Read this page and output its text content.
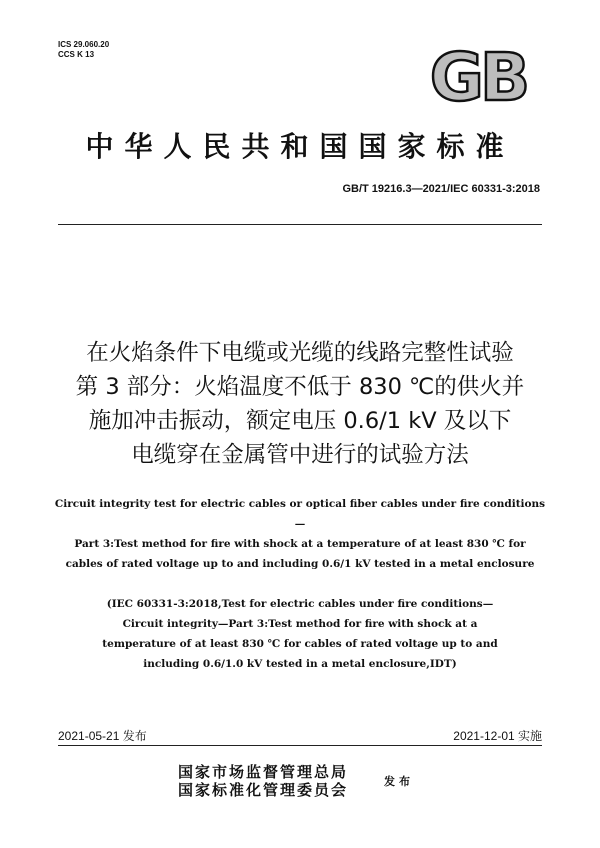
ICS 29.060.20
CCS K 13	GB
中华人民共和国国家标准
GB/T 19216.3—2021/IEC 60331-3:2018
在火焰条件下电缆或光缆的线路完整性试验
第 3 部分：火焰温度不低于 830 ℃的供火并
施加冲击振动，额定电压 0.6/1 kV 及以下
电缆穿在金属管中进行的试验方法
Circuit integrity test for electric cables or optical fiber cables under fire conditions—
Part 3:Test method for fire with shock at a temperature of at least 830 ℃ for
cables of rated voltage up to and including 0.6/1 kV tested in a metal enclosure
(IEC 60331-3:2018,Test for electric cables under fire conditions—
Circuit integrity—Part 3:Test method for fire with shock at a
temperature of at least 830 ℃ for cables of rated voltage up to and
including 0.6/1.0 kV tested in a metal enclosure,IDT)
2021-05-21 发布	2021-12-01 实施
国家市场监督管理总局
国家标准化管理委员会	发布
